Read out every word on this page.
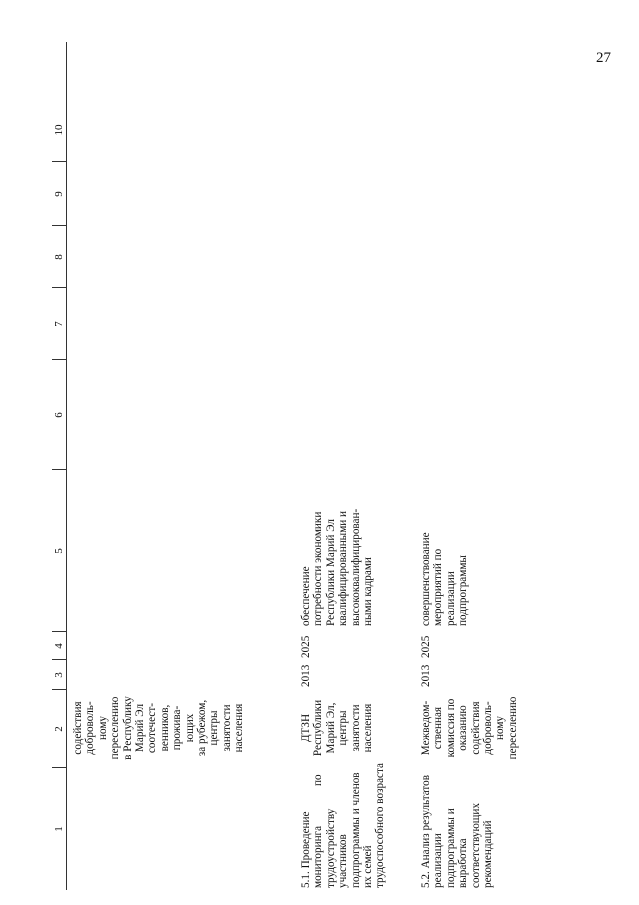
27
1
2
3
4
5
6
7
8
9
10
содействия доброволь- ному переселению в Республику Марий Эл соотечест- венников, прожива- ющих за рубежом, центры занятости населения
5.1. Проведение мониторинга трудоустройству участников подпрограммы и членов их семей трудоспособного возраста
по
ДТЗН Республики Марий Эл, центры занятости населения
2013
2025
обеспечение потребности экономики Республики Марий Эл квалифицированными и высококвалифицирован- ными кадрами
5.2. Анализ результатов реализации подпрограммы и выработка соответствующих рекомендаций
Межведом- ственная комиссия по оказанию содействия доброволь- ному переселению
2013
2025
совершенствование мероприятий по реализации подпрограммы
